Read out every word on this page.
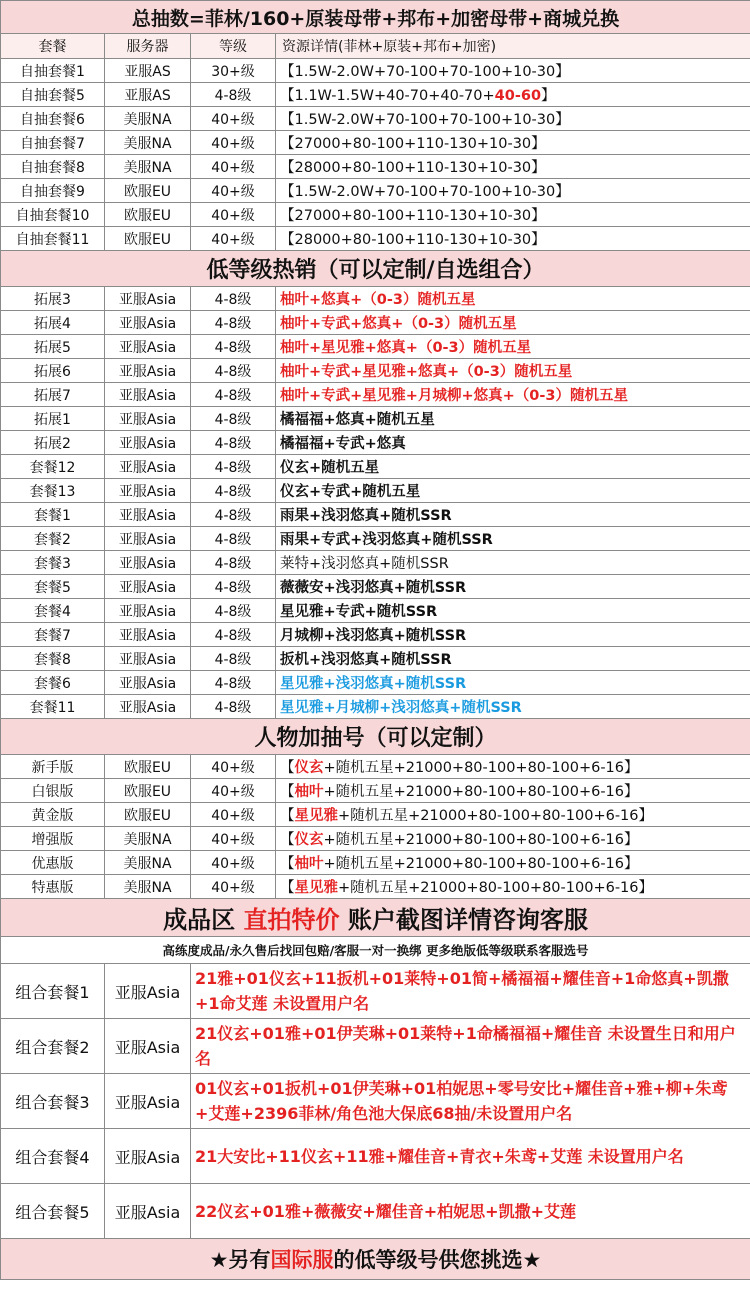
总抽数=菲林/160+原装母带+邦布+加密母带+商城兑换			
套餐	服务器	等级	资源详情(菲林+原装+邦布+加密)
自抽套餐1	亚服AS	30+级	【1.5W-2.0W+70-100+70-100+10-30】
自抽套餐5	亚服AS	4-8级	【1.1W-1.5W+40-70+40-70+40-60】
自抽套餐6	美服NA	40+级	【1.5W-2.0W+70-100+70-100+10-30】
自抽套餐7	美服NA	40+级	【27000+80-100+110-130+10-30】
自抽套餐8	美服NA	40+级	【28000+80-100+110-130+10-30】
自抽套餐9	欧服EU	40+级	【1.5W-2.0W+70-100+70-100+10-30】
自抽套餐10	欧服EU	40+级	【27000+80-100+110-130+10-30】
自抽套餐11	欧服EU	40+级	【28000+80-100+110-130+10-30】
低等级热销（可以定制/自选组合）			
拓展3	亚服Asia	4-8级	柚叶+悠真+（0-3）随机五星
拓展4	亚服Asia	4-8级	柚叶+专武+悠真+（0-3）随机五星
拓展5	亚服Asia	4-8级	柚叶+星见雅+悠真+（0-3）随机五星
拓展6	亚服Asia	4-8级	柚叶+专武+星见雅+悠真+（0-3）随机五星
拓展7	亚服Asia	4-8级	柚叶+专武+星见雅+月城柳+悠真+（0-3）随机五星
拓展1	亚服Asia	4-8级	橘福福+悠真+随机五星
拓展2	亚服Asia	4-8级	橘福福+专武+悠真
套餐12	亚服Asia	4-8级	仪玄+随机五星
套餐13	亚服Asia	4-8级	仪玄+专武+随机五星
套餐1	亚服Asia	4-8级	雨果+浅羽悠真+随机SSR
套餐2	亚服Asia	4-8级	雨果+专武+浅羽悠真+随机SSR
套餐3	亚服Asia	4-8级	莱特+浅羽悠真+随机SSR
套餐5	亚服Asia	4-8级	薇薇安+浅羽悠真+随机SSR
套餐4	亚服Asia	4-8级	星见雅+专武+随机SSR
套餐7	亚服Asia	4-8级	月城柳+浅羽悠真+随机SSR
套餐8	亚服Asia	4-8级	扳机+浅羽悠真+随机SSR
套餐6	亚服Asia	4-8级	星见雅+浅羽悠真+随机SSR
套餐11	亚服Asia	4-8级	星见雅+月城柳+浅羽悠真+随机SSR
人物加抽号（可以定制）			
新手版	欧服EU	40+级	【仪玄+随机五星+21000+80-100+80-100+6-16】
白银版	欧服EU	40+级	【柚叶+随机五星+21000+80-100+80-100+6-16】
黄金版	欧服EU	40+级	【星见雅+随机五星+21000+80-100+80-100+6-16】
增强版	美服NA	40+级	【仪玄+随机五星+21000+80-100+80-100+6-16】
优惠版	美服NA	40+级	【柚叶+随机五星+21000+80-100+80-100+6-16】
特惠版	美服NA	40+级	【星见雅+随机五星+21000+80-100+80-100+6-16】
成品区 直拍特价 账户截图详情咨询客服			
高练度成品/永久售后找回包赔/客服一对一换绑 更多绝版低等级联系客服选号			
组合套餐1	亚服Asia	21雅+01仪玄+11扳机+01莱特+01简+橘福福+耀佳音+1命悠真+凯撒+1命艾莲 未设置用户名	
组合套餐2	亚服Asia	21仪玄+01雅+01伊芙琳+01莱特+1命橘福福+耀佳音 未设置生日和用户名	
组合套餐3	亚服Asia	01仪玄+01扳机+01伊芙琳+01柏妮思+零号安比+耀佳音+雅+柳+朱鸢+艾莲+2396菲林/角色池大保底68抽/未设置用户名	
组合套餐4	亚服Asia	21大安比+11仪玄+11雅+耀佳音+青衣+朱鸢+艾莲 未设置用户名	
组合套餐5	亚服Asia	22仪玄+01雅+薇薇安+耀佳音+柏妮思+凯撒+艾莲	
★另有国际服的低等级号供您挑选★			
